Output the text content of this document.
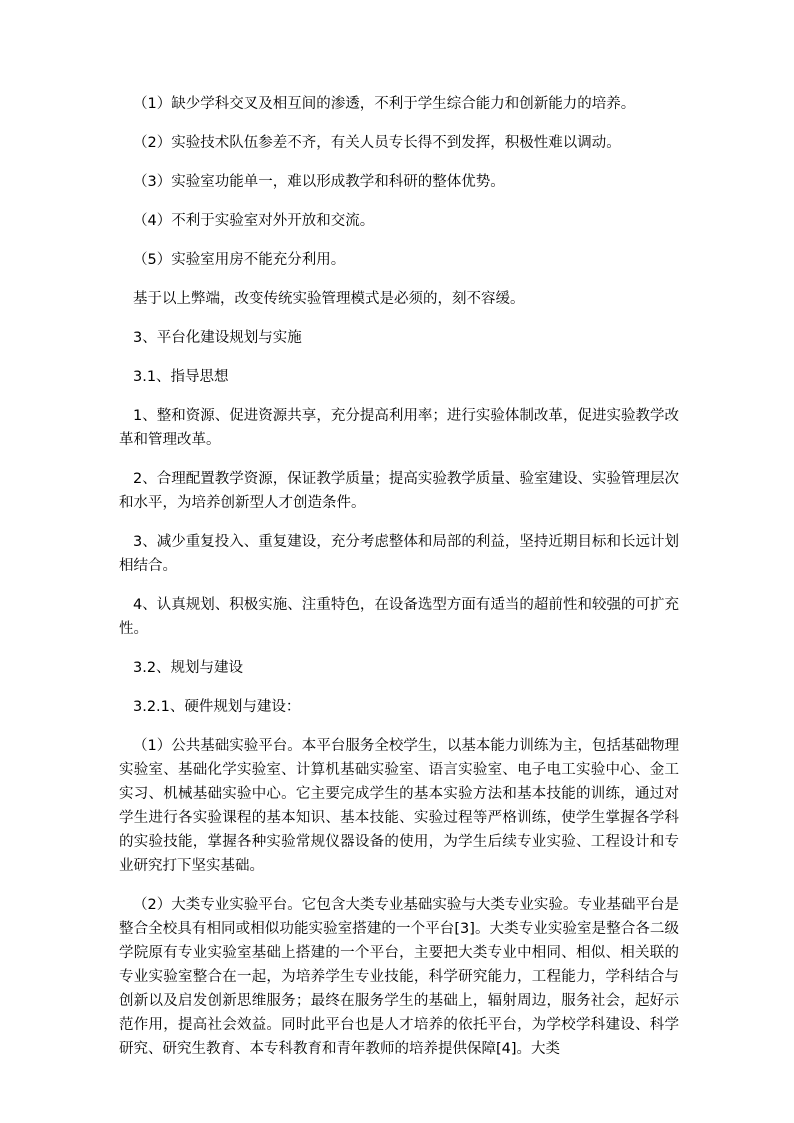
（1）缺少学科交叉及相互间的渗透，不利于学生综合能力和创新能力的培养。

（2）实验技术队伍参差不齐，有关人员专长得不到发挥，积极性难以调动。

（3）实验室功能单一，难以形成教学和科研的整体优势。

（4）不利于实验室对外开放和交流。

（5）实验室用房不能充分利用。

基于以上弊端，改变传统实验管理模式是必须的，刻不容缓。

3、平台化建设规划与实施

3.1、指导思想

1、整和资源、促进资源共享，充分提高利用率；进行实验体制改革，促进实验教学改革和管理改革。

2、合理配置教学资源，保证教学质量；提高实验教学质量、验室建设、实验管理层次和水平，为培养创新型人才创造条件。

3、减少重复投入、重复建设，充分考虑整体和局部的利益，坚持近期目标和长远计划相结合。

4、认真规划、积极实施、注重特色，在设备选型方面有适当的超前性和较强的可扩充性。

3.2、规划与建设

3.2.1、硬件规划与建设：

（1）公共基础实验平台。本平台服务全校学生，以基本能力训练为主，包括基础物理实验室、基础化学实验室、计算机基础实验室、语言实验室、电子电工实验中心、金工实习、机械基础实验中心。它主要完成学生的基本实验方法和基本技能的训练，通过对学生进行各实验课程的基本知识、基本技能、实验过程等严格训练，使学生掌握各学科的实验技能，掌握各种实验常规仪器设备的使用，为学生后续专业实验、工程设计和专业研究打下坚实基础。

（2）大类专业实验平台。它包含大类专业基础实验与大类专业实验。专业基础平台是整合全校具有相同或相似功能实验室搭建的一个平台[3]。大类专业实验室是整合各二级学院原有专业实验室基础上搭建的一个平台，主要把大类专业中相同、相似、相关联的专业实验室整合在一起，为培养学生专业技能，科学研究能力，工程能力，学科结合与创新以及启发创新思维服务；最终在服务学生的基础上，辐射周边，服务社会，起好示范作用，提高社会效益。同时此平台也是人才培养的依托平台，为学校学科建设、科学研究、研究生教育、本专科教育和青年教师的培养提供保障[4]。大类
